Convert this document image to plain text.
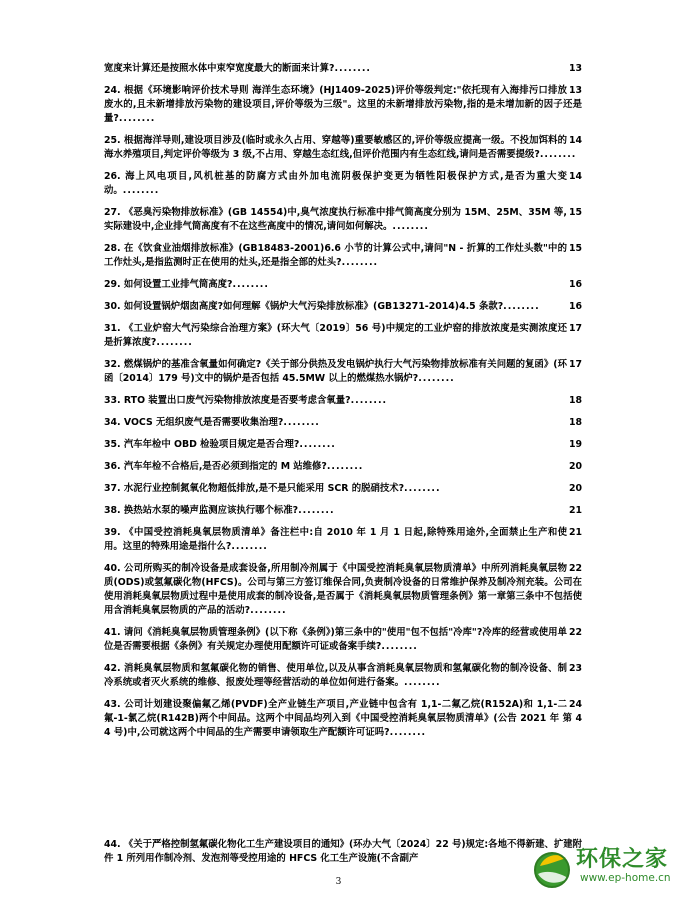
13
宽度来计算还是按照水体中束窄宽度最大的断面来计算?........
13
24. 根据《环境影响评价技术导则 海洋生态环境》(HJ1409-2025)评价等级判定:"依托现有入海排污口排放废水的,且未新增排放污染物的建设项目,评价等级为三级"。这里的未新增排放污染物,指的是未增加新的因子还是量?........
14
25. 根据海洋导则,建设项目涉及(临时或永久占用、穿越等)重要敏感区的,评价等级应提高一级。不投加饵料的海水养殖项目,判定评价等级为 3 级,不占用、穿越生态红线,但评价范围内有生态红线,请问是否需要提级?........
14
26. 海上风电项目,风机桩基的防腐方式由外加电流阴极保护变更为牺牲阳极保护方式,是否为重大变动。........
15
27. 《恶臭污染物排放标准》(GB 14554)中,臭气浓度执行标准中排气筒高度分别为 15M、25M、35M 等,实际建设中,企业排气筒高度有不在这些高度中的情况,请问如何解决。........
15
28. 在《饮食业油烟排放标准》(GB18483-2001)6.6 小节的计算公式中,请问"N - 折算的工作灶头数"中的工作灶头,是指监测时正在使用的灶头,还是指全部的灶头?........
16
29. 如何设置工业排气筒高度?........
16
30. 如何设置锅炉烟囱高度?如何理解《锅炉大气污染排放标准》(GB13271-2014)4.5 条款?........
17
31. 《工业炉窑大气污染综合治理方案》(环大气〔2019〕56 号)中规定的工业炉窑的排放浓度是实测浓度还是折算浓度?........
17
32. 燃煤锅炉的基准含氧量如何确定?《关于部分供热及发电锅炉执行大气污染物排放标准有关问题的复函》(环函〔2014〕179 号)文中的锅炉是否包括 45.5MW 以上的燃煤热水锅炉?........
18
33. RTO 装置出口废气污染物排放浓度是否要考虑含氧量?........
18
34. VOCS 无组织废气是否需要收集治理?........
19
35. 汽车年检中 OBD 检验项目规定是否合理?........
20
36. 汽车年检不合格后,是否必须到指定的 M 站维修?........
20
37. 水泥行业控制氮氧化物超低排放,是不是只能采用 SCR 的脱硝技术?........
21
38. 换热站水泵的噪声监测应该执行哪个标准?........
21
39. 《中国受控消耗臭氧层物质清单》备注栏中:自 2010 年 1 月 1 日起,除特殊用途外,全面禁止生产和使用。这里的特殊用途是指什么?........
22
40. 公司所购买的制冷设备是成套设备,所用制冷剂属于《中国受控消耗臭氧层物质清单》中所列消耗臭氧层物质(ODS)或氢氟碳化物(HFCS)。公司与第三方签订维保合同,负责制冷设备的日常维护保养及制冷剂充装。公司在使用消耗臭氧层物质过程中是使用成套的制冷设备,是否属于《消耗臭氧层物质管理条例》第一章第三条中不包括使用含消耗臭氧层物质的产品的活动?........
22
41. 请问《消耗臭氧层物质管理条例》(以下称《条例》)第三条中的"使用"包不包括"冷库"?冷库的经营或使用单位是否需要根据《条例》有关规定办理使用配额许可证或备案手续?........
23
42. 消耗臭氧层物质和氢氟碳化物的销售、使用单位,以及从事含消耗臭氧层物质和氢氟碳化物的制冷设备、制冷系统或者灭火系统的维修、报废处理等经营活动的单位如何进行备案。........
24
43. 公司计划建设聚偏氟乙烯(PVDF)全产业链生产项目,产业链中包含有 1,1-二氟乙烷(R152A)和 1,1-二氟-1-氯乙烷(R142B)两个中间品。这两个中间品均列入到《中国受控消耗臭氧层物质清单》(公告 2021 年 第 44 号)中,公司就这两个中间品的生产需要申请领取生产配额许可证吗?........
44. 《关于严格控制氢氟碳化物化工生产建设项目的通知》(环办大气〔2024〕22 号)规定:各地不得新建、扩建附件 1 所列用作制冷剂、发泡剂等受控用途的 HFCS 化工生产设施(不含副产
3
环保之家
www.ep-home.cn
